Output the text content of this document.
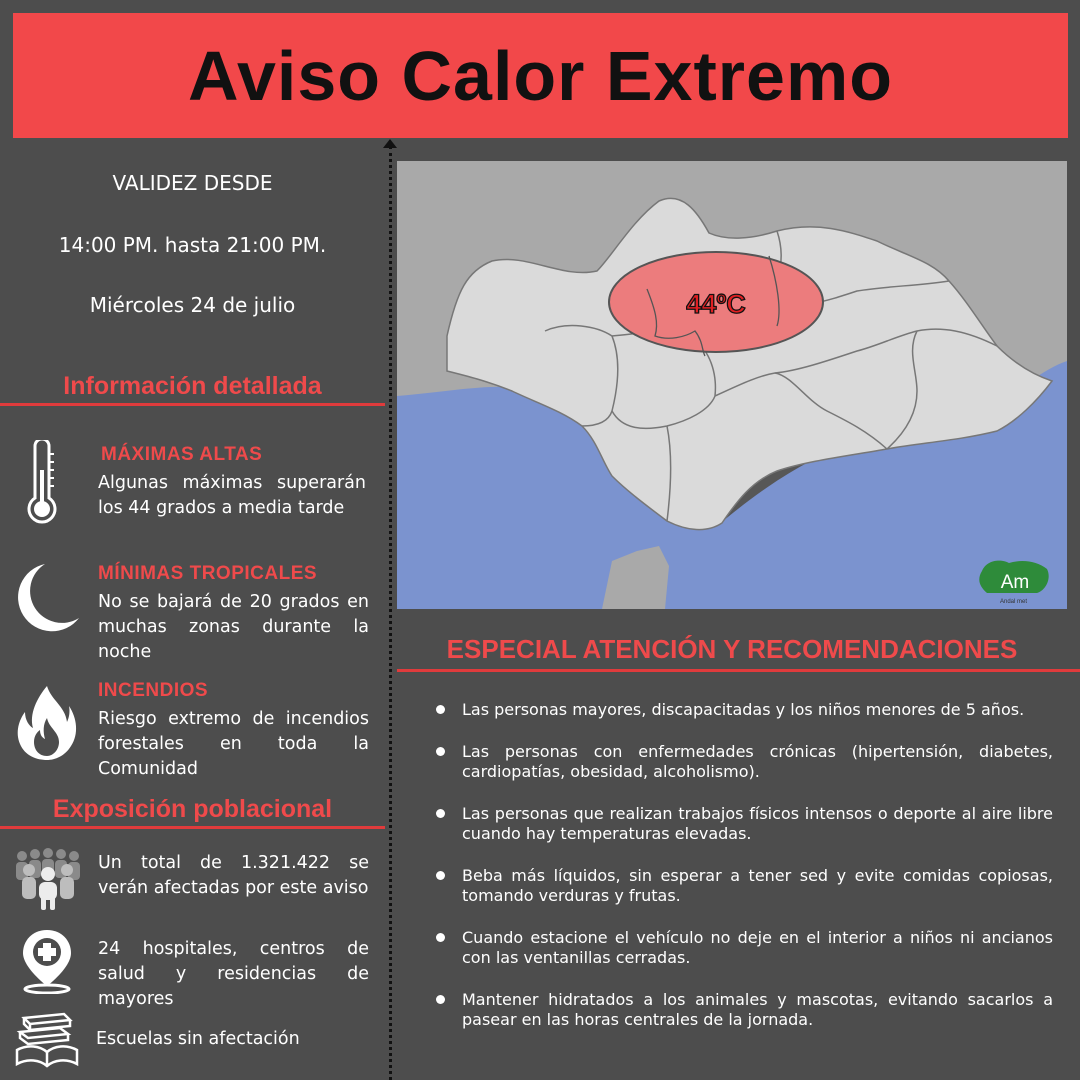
Aviso Calor Extremo
VALIDEZ DESDE
14:00 PM. hasta 21:00 PM.
Miércoles 24 de julio
Información detallada
MÁXIMAS ALTAS
Algunas máximas superarán los 44 grados a media tarde
MÍNIMAS TROPICALES
No se bajará de 20 grados en muchas zonas durante la noche
INCENDIOS
Riesgo extremo de incendios forestales en toda la Comunidad
Exposición poblacional
Un total de 1.321.422 se verán afectadas por este aviso
24 hospitales, centros de salud y residencias de mayores
Escuelas sin afectación
44ºC
Am
Andal met
ESPECIAL ATENCIÓN Y RECOMENDACIONES
Las personas mayores, discapacitadas y los niños menores de 5 años.
Las personas con enfermedades crónicas (hipertensión, diabetes, cardiopatías, obesidad, alcoholismo).
Las personas que realizan trabajos físicos intensos o deporte al aire libre cuando hay temperaturas elevadas.
Beba más líquidos, sin esperar a tener sed y evite comidas copiosas, tomando verduras y frutas.
Cuando estacione el vehículo no deje en el interior a niños ni ancianos con las ventanillas cerradas.
Mantener hidratados a los animales y mascotas, evitando sacarlos a pasear en las horas centrales de la jornada.
